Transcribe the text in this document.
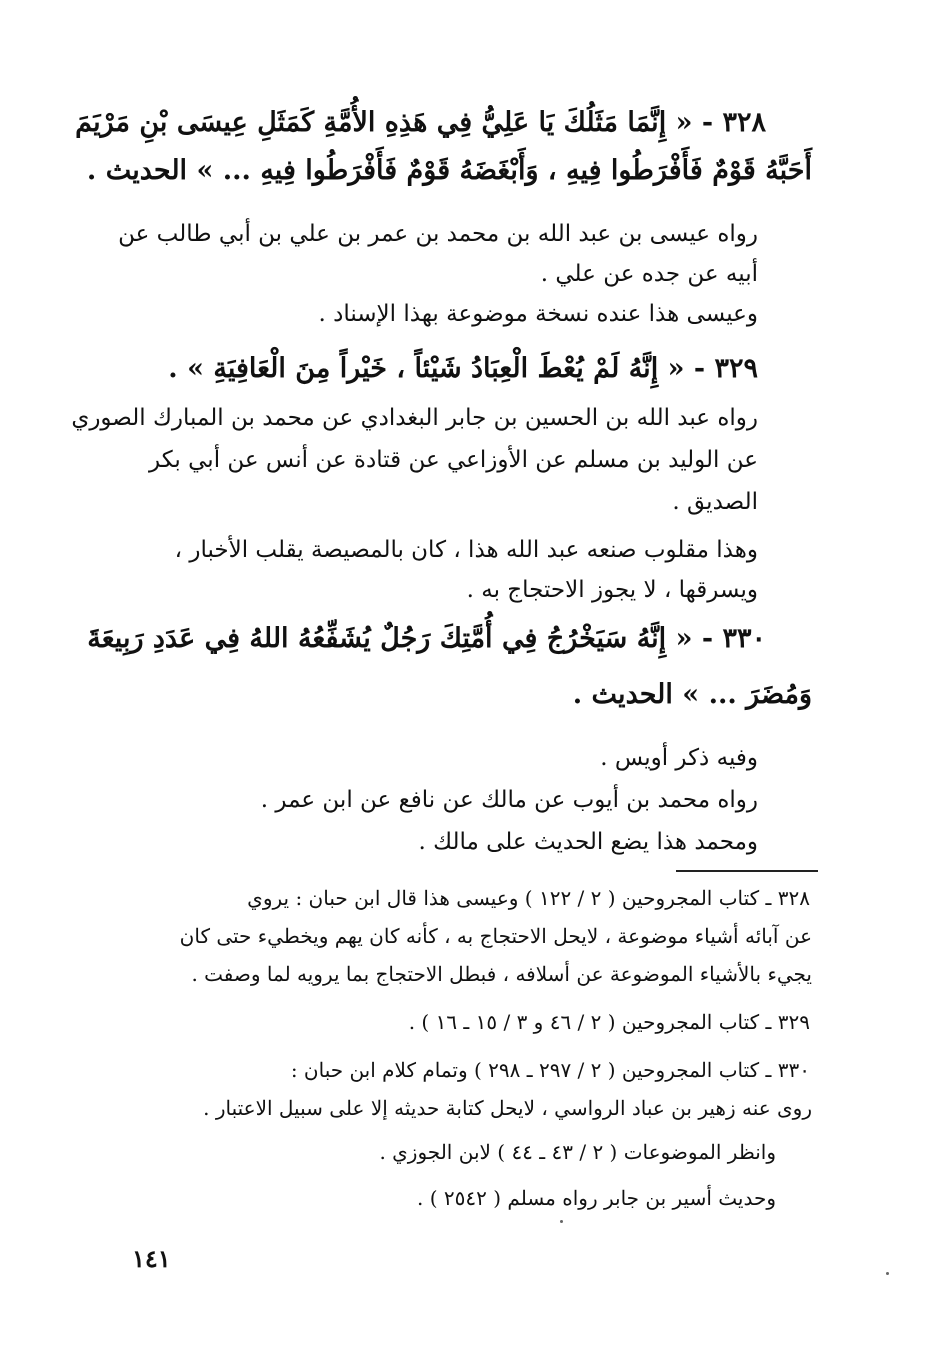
٣٢٨ - « إِنَّمَا مَثَلُكَ يَا عَلِيُّ فِي هَذِهِ الأُمَّةِ كَمَثَلِ عِيسَى بْنِ مَرْيَمَ
أَحَبَّهُ قَوْمٌ فَأَفْرَطُوا فِيهِ ، وَأَبْغَضَهُ قَوْمٌ فَأَفْرَطُوا فِيهِ ... » الحديث .
رواه عيسى بن عبد الله بن محمد بن عمر بن علي بن أبي طالب عن
أبيه عن جده عن علي .
وعيسى هذا عنده نسخة موضوعة بهذا الإسناد .
٣٢٩ - « إِنَّهُ لَمْ يُعْطَ الْعِبَادُ شَيْئاً ، خَيْراً مِنَ الْعَافِيَةِ » .
رواه عبد الله بن الحسين بن جابر البغدادي عن محمد بن المبارك الصوري
عن الوليد بن مسلم عن الأوزاعي عن قتادة عن أنس عن أبي بكر
الصديق .
وهذا مقلوب صنعه عبد الله هذا ، كان بالمصيصة يقلب الأخبار ،
ويسرقها ، لا يجوز الاحتجاج به .
٣٣٠ - « إِنَّهُ سَيَخْرُجُ فِي أُمَّتِكَ رَجُلٌ يُشَفِّعُهُ اللهُ فِي عَدَدِ رَبِيعَةَ
وَمُضَرَ ... » الحديث .
وفيه ذكر أويس .
رواه محمد بن أيوب عن مالك عن نافع عن ابن عمر .
ومحمد هذا يضع الحديث على مالك .
٣٢٨ ـ كتاب المجروحين ( ٢ / ١٢٢ ) وعيسى هذا قال ابن حبان : يروي
عن آبائه أشياء موضوعة ، لايحل الاحتجاج به ، كأنه كان يهم ويخطيء حتى كان
يجيء بالأشياء الموضوعة عن أسلافه ، فبطل الاحتجاج بما يرويه لما وصفت .
٣٢٩ ـ كتاب المجروحين ( ٢ / ٤٦ و ٣ / ١٥ ـ ١٦ ) .
٣٣٠ ـ كتاب المجروحين ( ٢ / ٢٩٧ ـ ٢٩٨ ) وتمام كلام ابن حبان :
روى عنه زهير بن عباد الرواسي ، لايحل كتابة حديثه إلا على سبيل الاعتبار .
وانظر الموضوعات ( ٢ / ٤٣ ـ ٤٤ ) لابن الجوزي .
وحديث أسير بن جابر رواه مسلم ( ٢٥٤٢ ) .
١٤١
